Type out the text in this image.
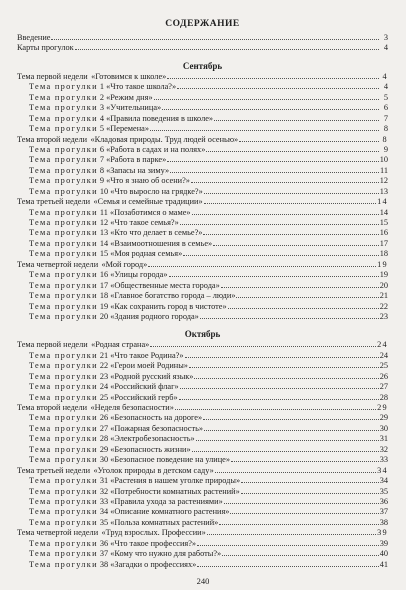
СОДЕРЖАНИЕ
Введение	3
Карты прогулок	4
Сентябрь
Тема первой недели «Готовимся к школе»	4
Тема прогулки 1 «Что такое школа?»	4
Тема прогулки 2 «Режим дня»	5
Тема прогулки 3 «Учительница»	6
Тема прогулки 4 «Правила поведения в школе»	7
Тема прогулки 5 «Перемена»	8
Тема второй недели «Кладовая природы. Труд людей осенью»	8
Тема прогулки 6 «Работа в садах и на полях»	9
Тема прогулки 7 «Работа в парке»	10
Тема прогулки 8 «Запасы на зиму»	11
Тема прогулки 9 «Что я знаю об осени?»	12
Тема прогулки 10 «Что выросло на грядке?»	13
Тема третьей недели «Семья и семейные традиции»	14
Тема прогулки 11 «Позаботимся о маме»	14
Тема прогулки 12 «Что такое семья?»	15
Тема прогулки 13 «Кто что делает в семье?»	16
Тема прогулки 14 «Взаимоотношения в семье»	17
Тема прогулки 15 «Моя родная семья»	18
Тема четвертой недели «Мой город»	19
Тема прогулки 16 «Улицы города»	19
Тема прогулки 17 «Общественные места города»	20
Тема прогулки 18 «Главное богатство города – люди»	21
Тема прогулки 19 «Как сохранить город в чистоте»	22
Тема прогулки 20 «Здания родного города»	23
Октябрь
Тема первой недели «Родная страна»	24
Тема прогулки 21 «Что такое Родина?»	24
Тема прогулки 22 «Герои моей Родины»	25
Тема прогулки 23 «Родной русский язык»	26
Тема прогулки 24 «Российский флаг»	27
Тема прогулки 25 «Российский герб»	28
Тема второй недели «Неделя безопасности»	29
Тема прогулки 26 «Безопасность на дороге»	29
Тема прогулки 27 «Пожарная безопасность»	30
Тема прогулки 28 «Электробезопасность»	31
Тема прогулки 29 «Безопасность жизни»	32
Тема прогулки 30 «Безопасное поведение на улице»	33
Тема третьей недели «Уголок природы в детском саду»	34
Тема прогулки 31 «Растения в нашем уголке природы»	34
Тема прогулки 32 «Потребности комнатных растений»	35
Тема прогулки 33 «Правила ухода за растениями»	36
Тема прогулки 34 «Описание комнатного растения»	37
Тема прогулки 35 «Польза комнатных растений»	38
Тема четвертой недели «Труд взрослых. Профессии»	39
Тема прогулки 36 «Что такое профессия?»	39
Тема прогулки 37 «Кому что нужно для работы?»	40
Тема прогулки 38 «Загадки о профессиях»	41
240
